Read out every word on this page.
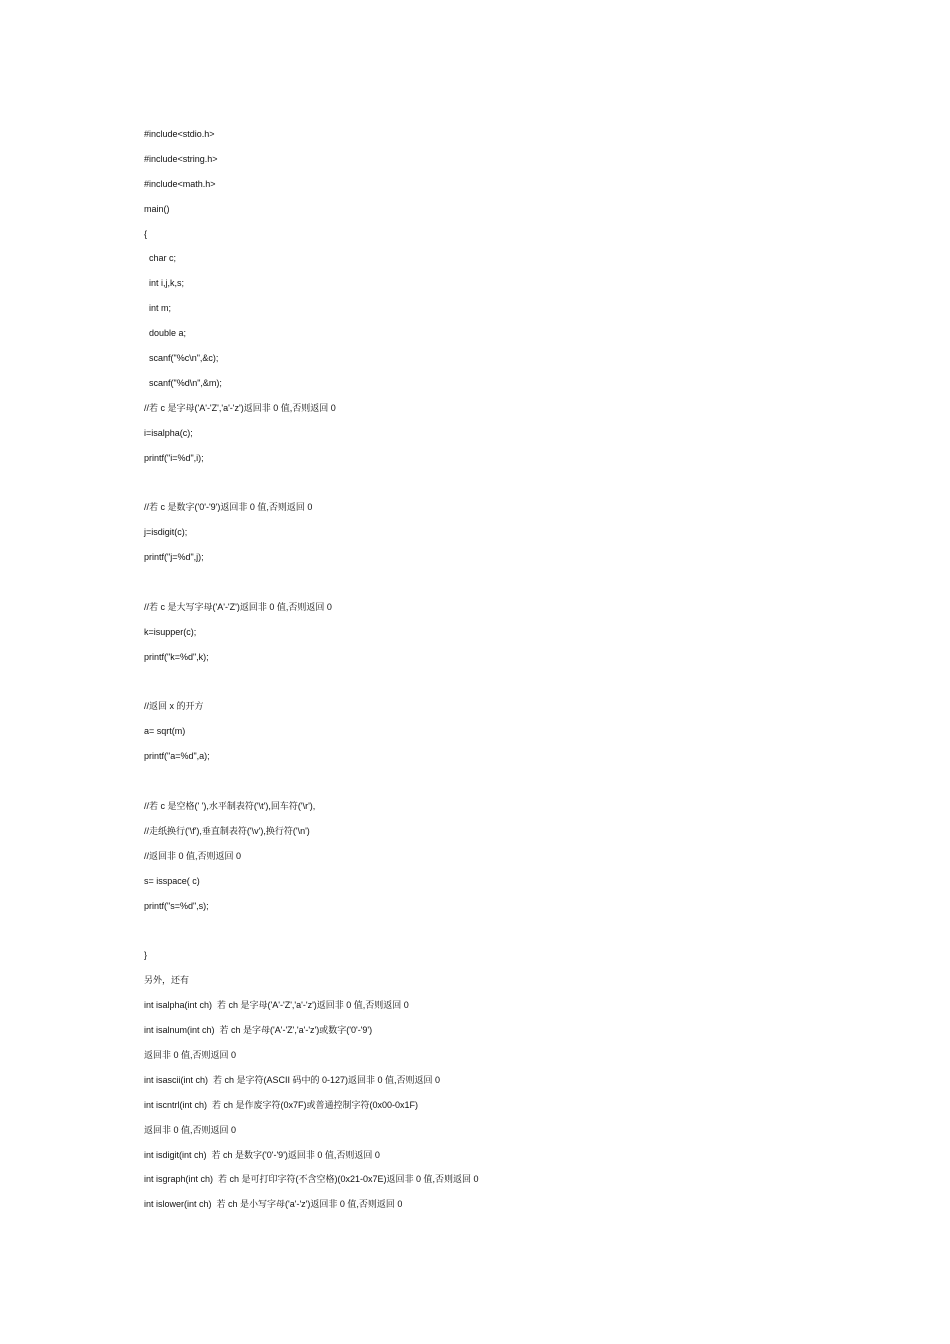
#include<stdio.h>
#include<string.h>
#include<math.h>
main()
{
char c;
int i,j,k,s;
int m;
double a;
scanf("%c\n",&c);
scanf("%d\n",&m);
//若 c 是字母('A'-'Z','a'-'z')返回非 0 值,否则返回 0
i=isalpha(c);
printf("i=%d",i);
//若 c 是数字('0'-'9')返回非 0 值,否则返回 0
j=isdigit(c);
printf("j=%d",j);
//若 c 是大写字母('A'-'Z')返回非 0 值,否则返回 0
k=isupper(c);
printf("k=%d",k);
//返回 x 的开方
a= sqrt(m)
printf("a=%d",a);
//若 c 是空格(' '),水平制表符('\t'),回车符('\r'),
//走纸换行('\f'),垂直制表符('\v'),换行符('\n')
//返回非 0 值,否则返回 0
s= isspace( c)
printf("s=%d",s);
}
另外，还有
int isalpha(int ch)  若 ch 是字母('A'-'Z','a'-'z')返回非 0 值,否则返回 0
int isalnum(int ch)  若 ch 是字母('A'-'Z','a'-'z')或数字('0'-'9')
返回非 0 值,否则返回 0
int isascii(int ch)  若 ch 是字符(ASCII 码中的 0-127)返回非 0 值,否则返回 0
int iscntrl(int ch)  若 ch 是作废字符(0x7F)或普通控制字符(0x00-0x1F)
返回非 0 值,否则返回 0
int isdigit(int ch)  若 ch 是数字('0'-'9')返回非 0 值,否则返回 0
int isgraph(int ch)  若 ch 是可打印字符(不含空格)(0x21-0x7E)返回非 0 值,否则返回 0
int islower(int ch)  若 ch 是小写字母('a'-'z')返回非 0 值,否则返回 0
